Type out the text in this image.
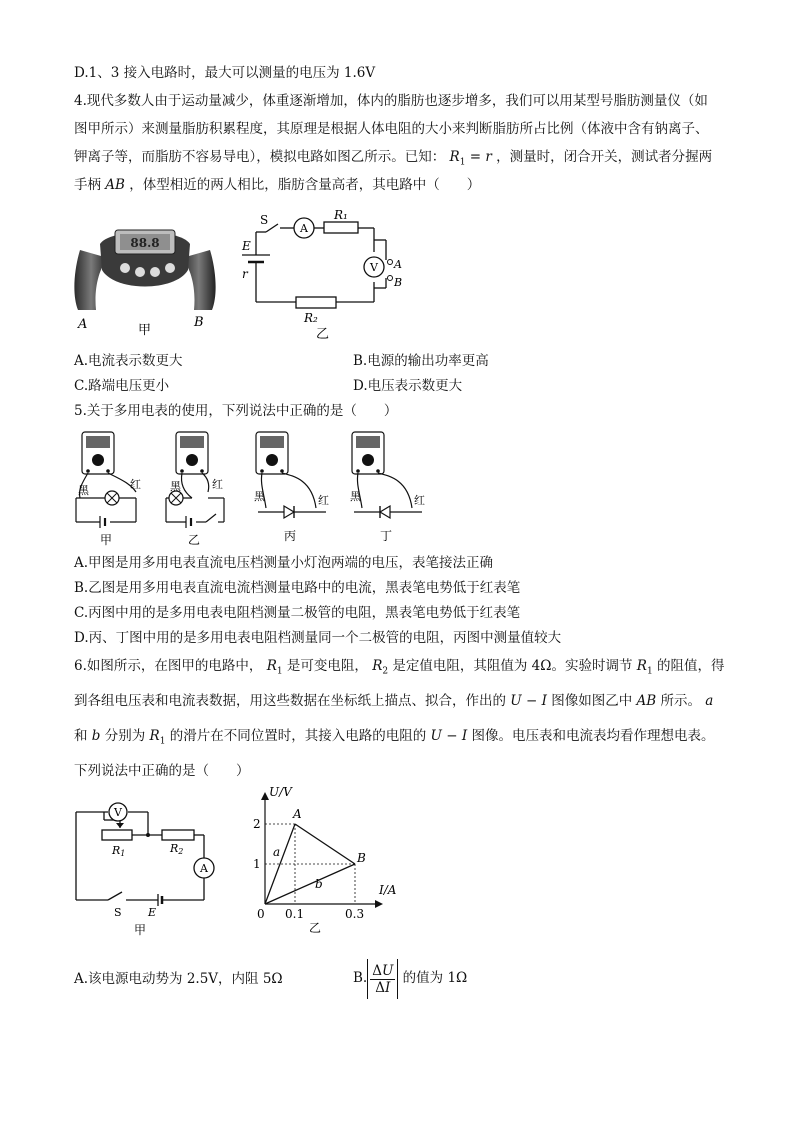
D.1、3 接入电路时，最大可以测量的电压为 1.6V
4.现代多数人由于运动量减少，体重逐渐增加，体内的脂肪也逐步增多，我们可以用某型号脂肪测量仪（如
图甲所示）来测量脂肪积累程度，其原理是根据人体电阻的大小来判断脂肪所占比例（体液中含有钠离子、
钾离子等，而脂肪不容易导电），模拟电路如图乙所示。已知： $R_1 = r$ ，测量时，闭合开关，测试者分握两
手柄 AB ，体型相近的两人相比，脂肪含量高者，其电路中（　　）
88.8
A	B
甲
S
A
R₁
V A
B
E
r
R₂
乙
A.电流表示数更大	B.电源的输出功率更高
C.路端电压更小	D.电压表示数更大
5.关于多用电表的使用，下列说法中正确的是（　　）
黑	红
甲
黑	红
乙
黑	红
丙
黑	红
丁
A.甲图是用多用电表直流电压档测量小灯泡两端的电压，表笔接法正确
B.乙图是用多用电表直流电流档测量电路中的电流，黑表笔电势低于红表笔
C.丙图中用的是多用电表电阻档测量二极管的电阻，黑表笔电势低于红表笔
D.丙、丁图中用的是多用电表电阻档测量同一个二极管的电阻，丙图中测量值较大
6.如图所示，在图甲的电路中， $R_1$ 是可变电阻， $R_2$ 是定值电阻，其阻值为 4Ω。实验时调节 $R_1$ 的阻值，得
到各组电压表和电流表数据，用这些数据在坐标纸上描点、拟合，作出的 U − I 图像如图乙中 AB 所示。 a
和 b 分别为 $R_1$ 的滑片在不同位置时，其接入电路的电阻的 U − I 图像。电压表和电流表均看作理想电表。
下列说法中正确的是（　　）
V
R1	R2
A
S E
甲
U/V
I/A
2
1
0 0.1	0.3
A
B
a
b
乙
A.该电源电动势为 2.5V，内阻 5Ω	B. $\frac{\Delta U}{\Delta I}$ 的值为 1Ω
